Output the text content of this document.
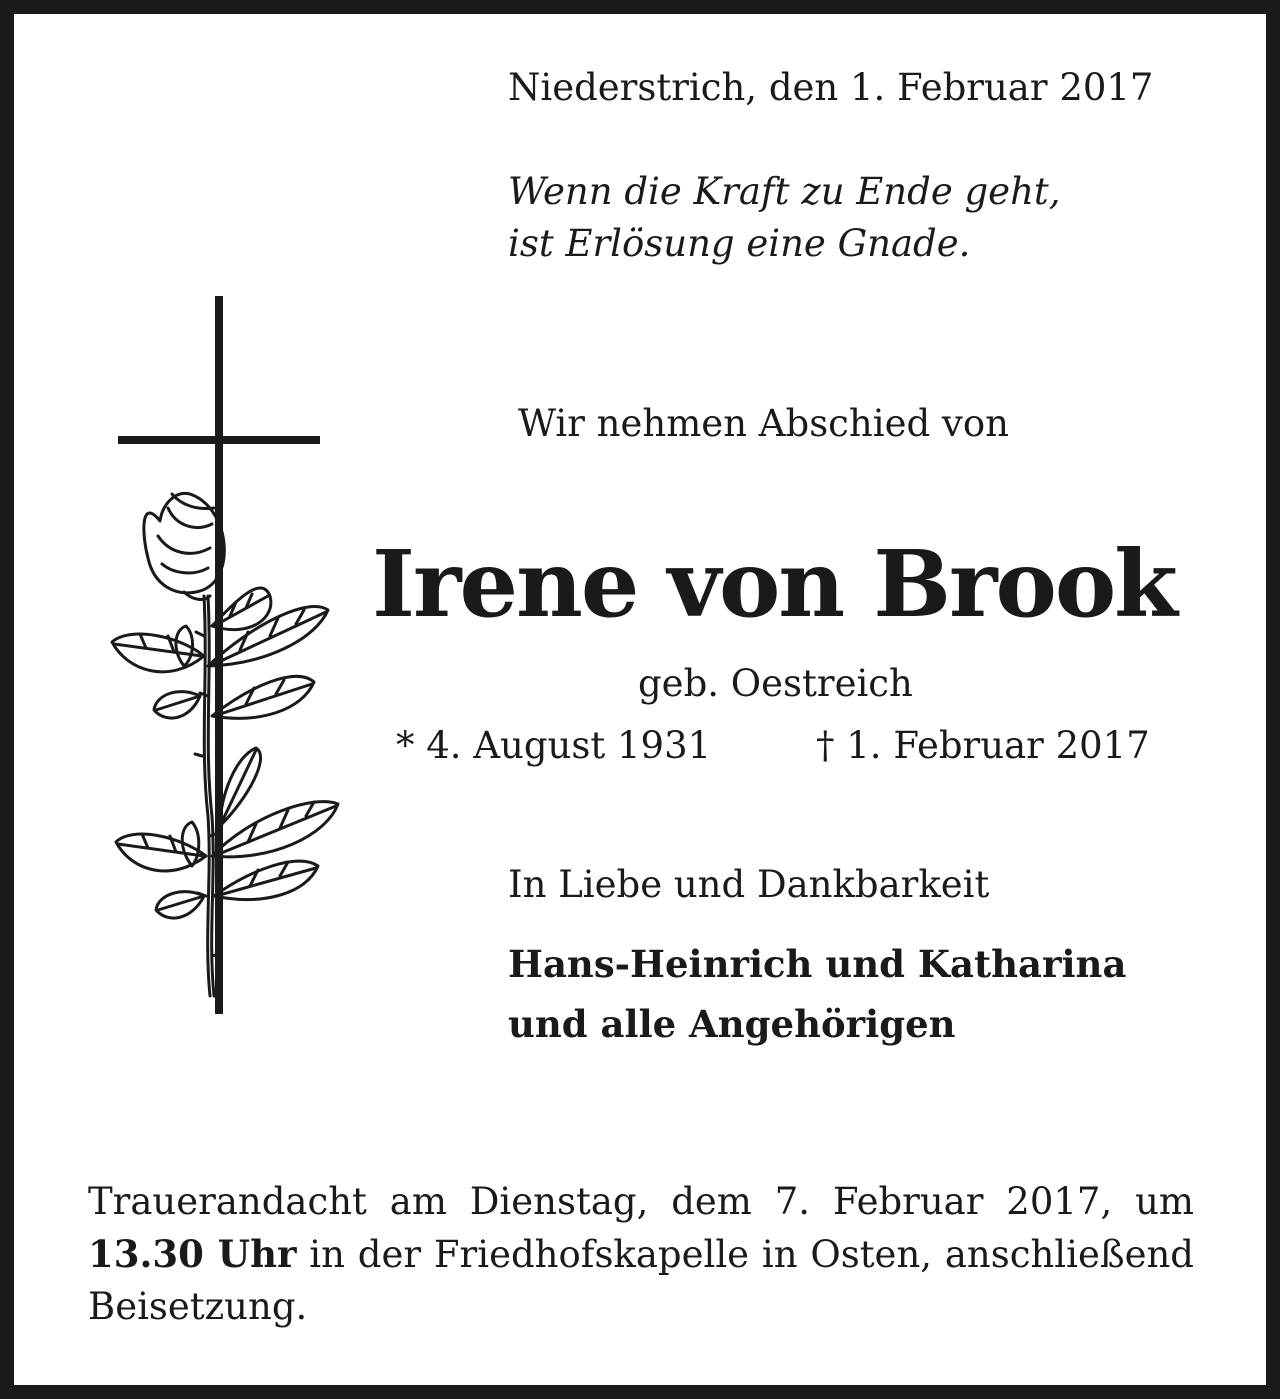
Niederstrich, den 1. Februar 2017
Wenn die Kraft zu Ende geht,
ist Erlösung eine Gnade.
Wir nehmen Abschied von
Irene von Brook
geb. Oestreich
* 4. August 1931	† 1. Februar 2017
In Liebe und Dankbarkeit
Hans-Heinrich und Katharina
und alle Angehörigen
Trauerandacht am Dienstag, dem 7. Februar 2017, um 13.30 Uhr in der Friedhofskapelle in Osten, anschließend Beisetzung.
